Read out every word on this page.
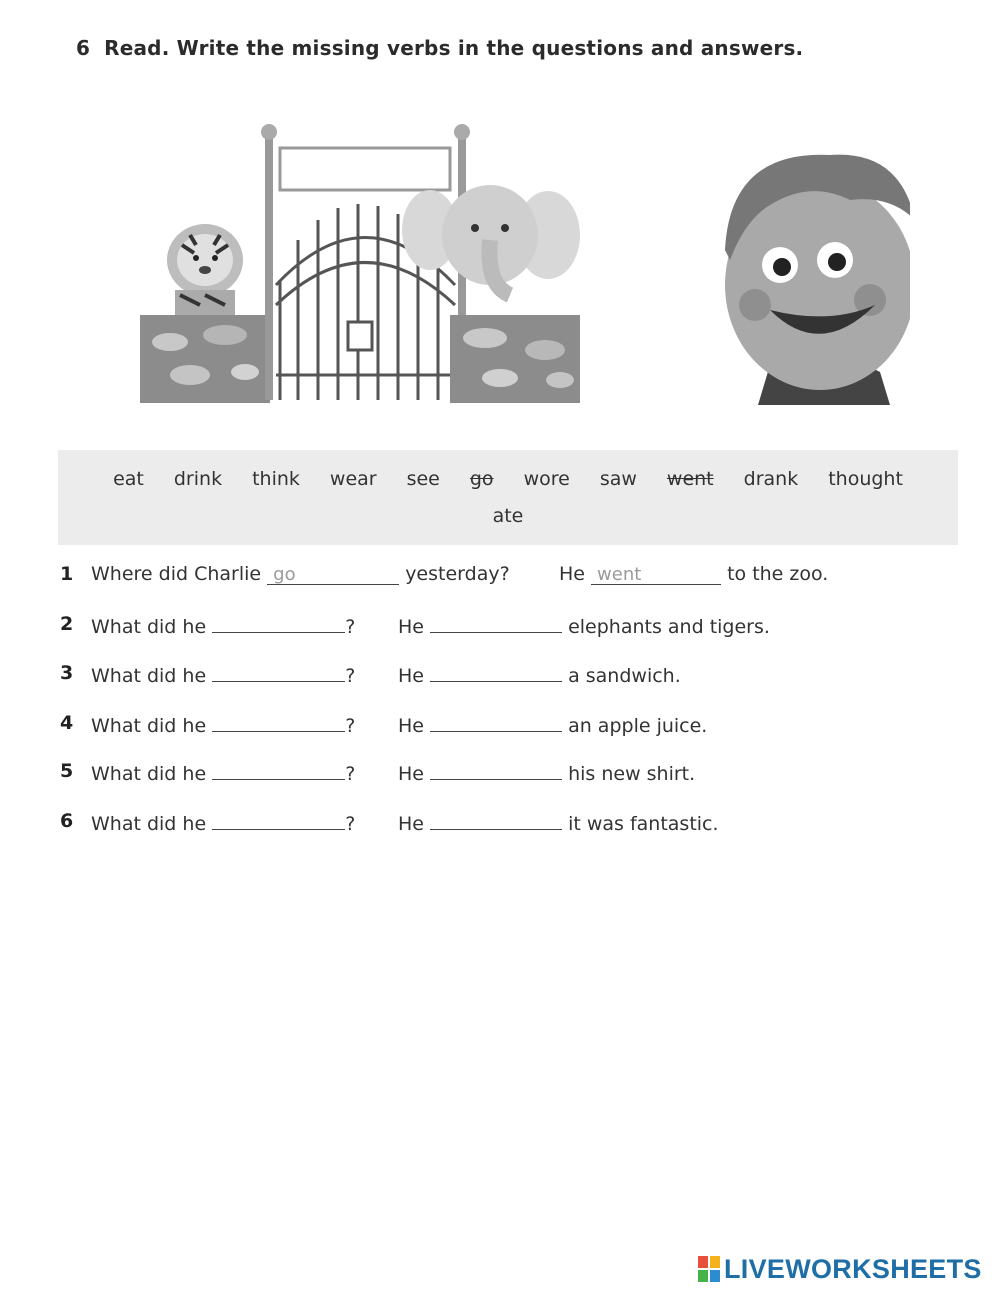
6 Read. Write the missing verbs in the questions and answers.
eat drink think wear see go wore saw went drank thought
ate
1 Where did Charlie go	yesterday?	He went	to the zoo.
2 What did he	? He	elephants and tigers.
3 What did he	? He	a sandwich.
4 What did he	? He	an apple juice.
5 What did he	? He	his new shirt.
6 What did he	? He	it was fantastic.
LIVEWORKSHEETS
